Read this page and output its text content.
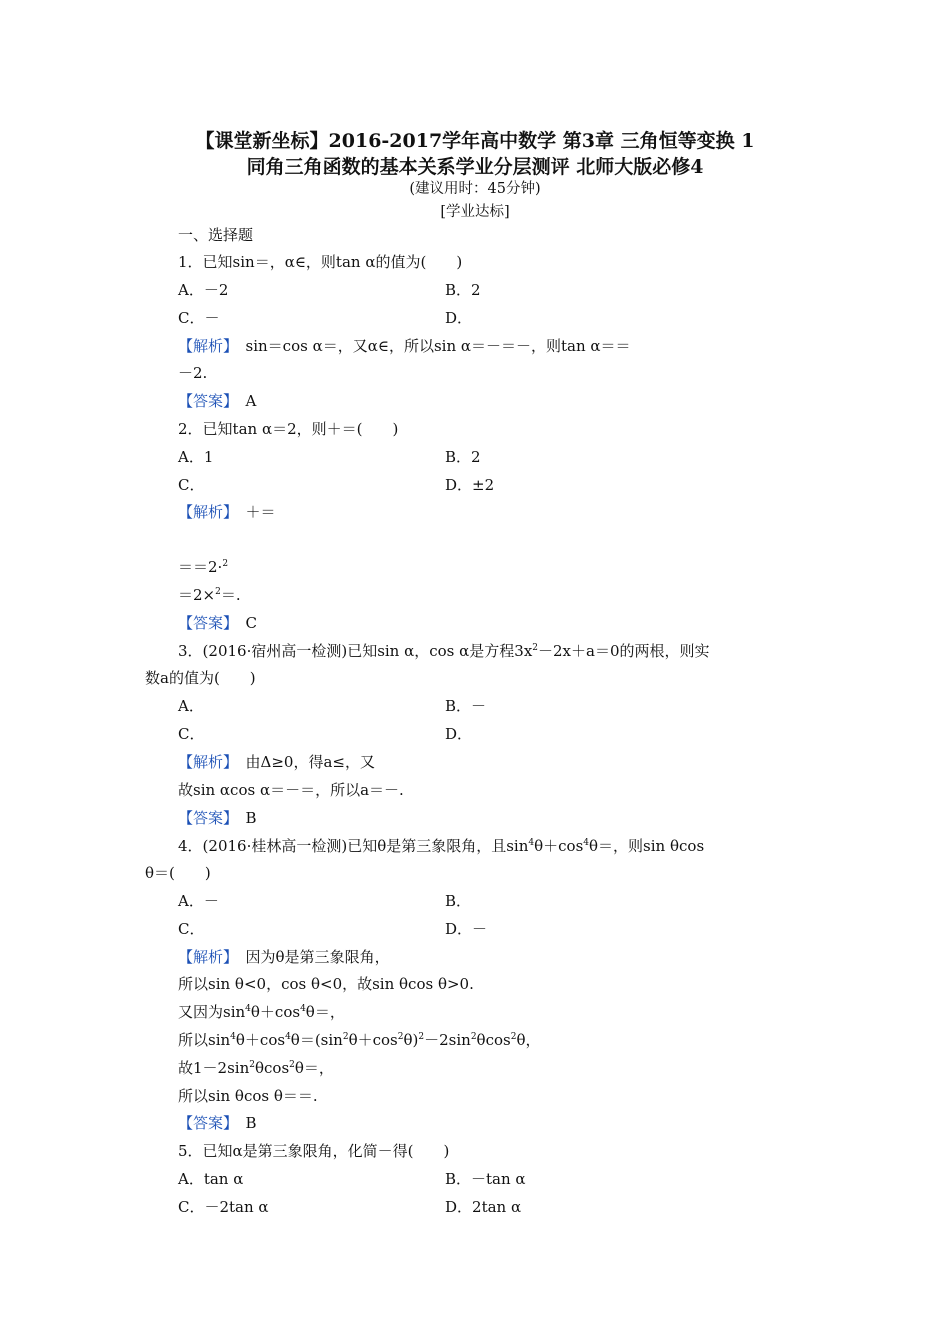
【课堂新坐标】2016-2017学年高中数学 第3章 三角恒等变换 1
同角三角函数的基本关系学业分层测评 北师大版必修4
(建议用时：45分钟)
[学业达标]
一、选择题
1．已知sin＝，α∈，则tan α的值为(　　)
A．－2	B．2
C．－	D．
【解析】　 sin＝cos α＝，又α∈，所以sin α＝－＝－，则tan α＝＝
－2.
【答案】　 A
2．已知tan α＝2，则＋＝(　　)
A．1	B．2
C．	D．±2
【解析】　 ＋＝
＝＝2·$^2$
＝2×$^2$＝.
【答案】　 C
3．(2016·宿州高一检测)已知sin α，cos α是方程$3x^2-2x+a=0$的两根，则实
数a的值为(　　)
A．	B．－
C．	D．
【解析】　 由Δ≥0，得a≤，又
故sin αcos α＝－＝，所以a＝－.
【答案】　 B
4．(2016·桂林高一检测)已知θ是第三象限角，且$\sin^4\theta+\cos^4\theta=$，则sin θcos
θ＝(　　)
A．－	B．
C．	D．－
【解析】　 因为θ是第三象限角，
所以sin θ<0，cos θ<0，故sin θcos θ>0.
又因为$\sin^4\theta+\cos^4\theta=$，
所以$\sin^4\theta+\cos^4\theta=(\sin^2\theta+\cos^2\theta)^2-2\sin^2\theta\cos^2\theta$，
故$1-2\sin^2\theta\cos^2\theta=$，
所以sin θcos θ＝＝.
【答案】　 B
5．已知α是第三象限角，化简－得(　　)
A．tan α	B．－tan α
C．－2tan α	D．2tan α
